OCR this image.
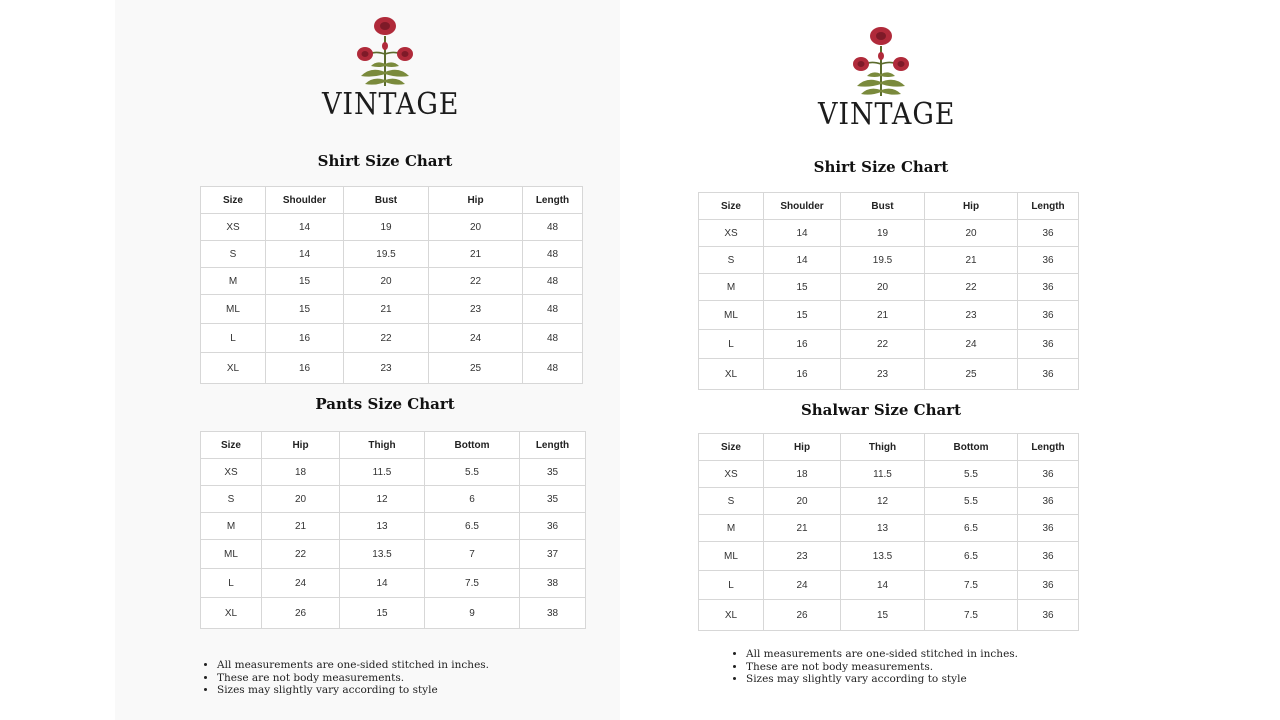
VINTAGE
Shirt Size Chart
Size	Shoulder	Bust	Hip	Length
XS	14	19	20	48
S	14	19.5	21	48
M	15	20	22	48
ML	15	21	23	48
L	16	22	24	48
XL	16	23	25	48
Pants Size Chart
Size	Hip	Thigh	Bottom	Length
XS	18	11.5	5.5	35
S	20	12	6	35
M	21	13	6.5	36
ML	22	13.5	7	37
L	24	14	7.5	38
XL	26	15	9	38
• All measurements are one-sided stitched in inches.
• These are not body measurements.
• Sizes may slightly vary according to style
VINTAGE
Shirt Size Chart
Size	Shoulder	Bust	Hip	Length
XS	14	19	20	36
S	14	19.5	21	36
M	15	20	22	36
ML	15	21	23	36
L	16	22	24	36
XL	16	23	25	36
Shalwar Size Chart
Size	Hip	Thigh	Bottom	Length
XS	18	11.5	5.5	36
S	20	12	5.5	36
M	21	13	6.5	36
ML	23	13.5	6.5	36
L	24	14	7.5	36
XL	26	15	7.5	36
• All measurements are one-sided stitched in inches.
• These are not body measurements.
• Sizes may slightly vary according to style
